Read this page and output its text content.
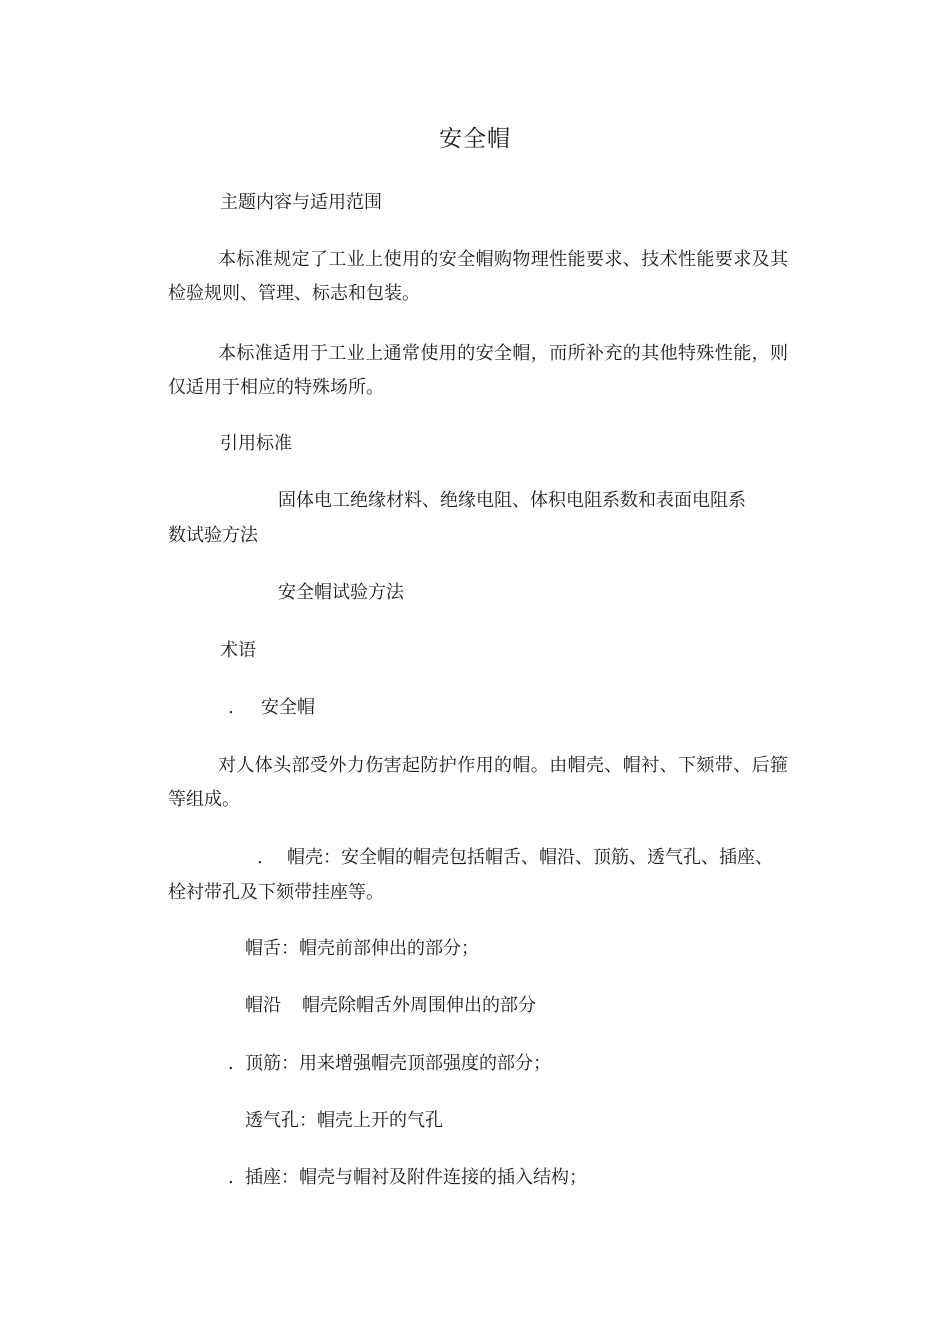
安全帽
主题内容与适用范围
本标准规定了工业上使用的安全帽购物理性能要求、技术性能要求及其检验规则、管理、标志和包装。
本标准适用于工业上通常使用的安全帽，而所补充的其他特殊性能，则仅适用于相应的特殊场所。
引用标准
固体电工绝缘材料、绝缘电阻、体积电阻系数和表面电阻系
数试验方法
安全帽试验方法
术语
. 安全帽
对人体头部受外力伤害起防护作用的帽。由帽壳、帽衬、下颏带、后箍等组成。
. 帽壳：安全帽的帽壳包括帽舌、帽沿、顶筋、透气孔、插座、
栓衬带孔及下颏带挂座等。
帽舌：帽壳前部伸出的部分；
帽沿 帽壳除帽舌外周围伸出的部分
. 顶筋：用来增强帽壳顶部强度的部分；
透气孔：帽壳上开的气孔
. 插座：帽壳与帽衬及附件连接的插入结构；
